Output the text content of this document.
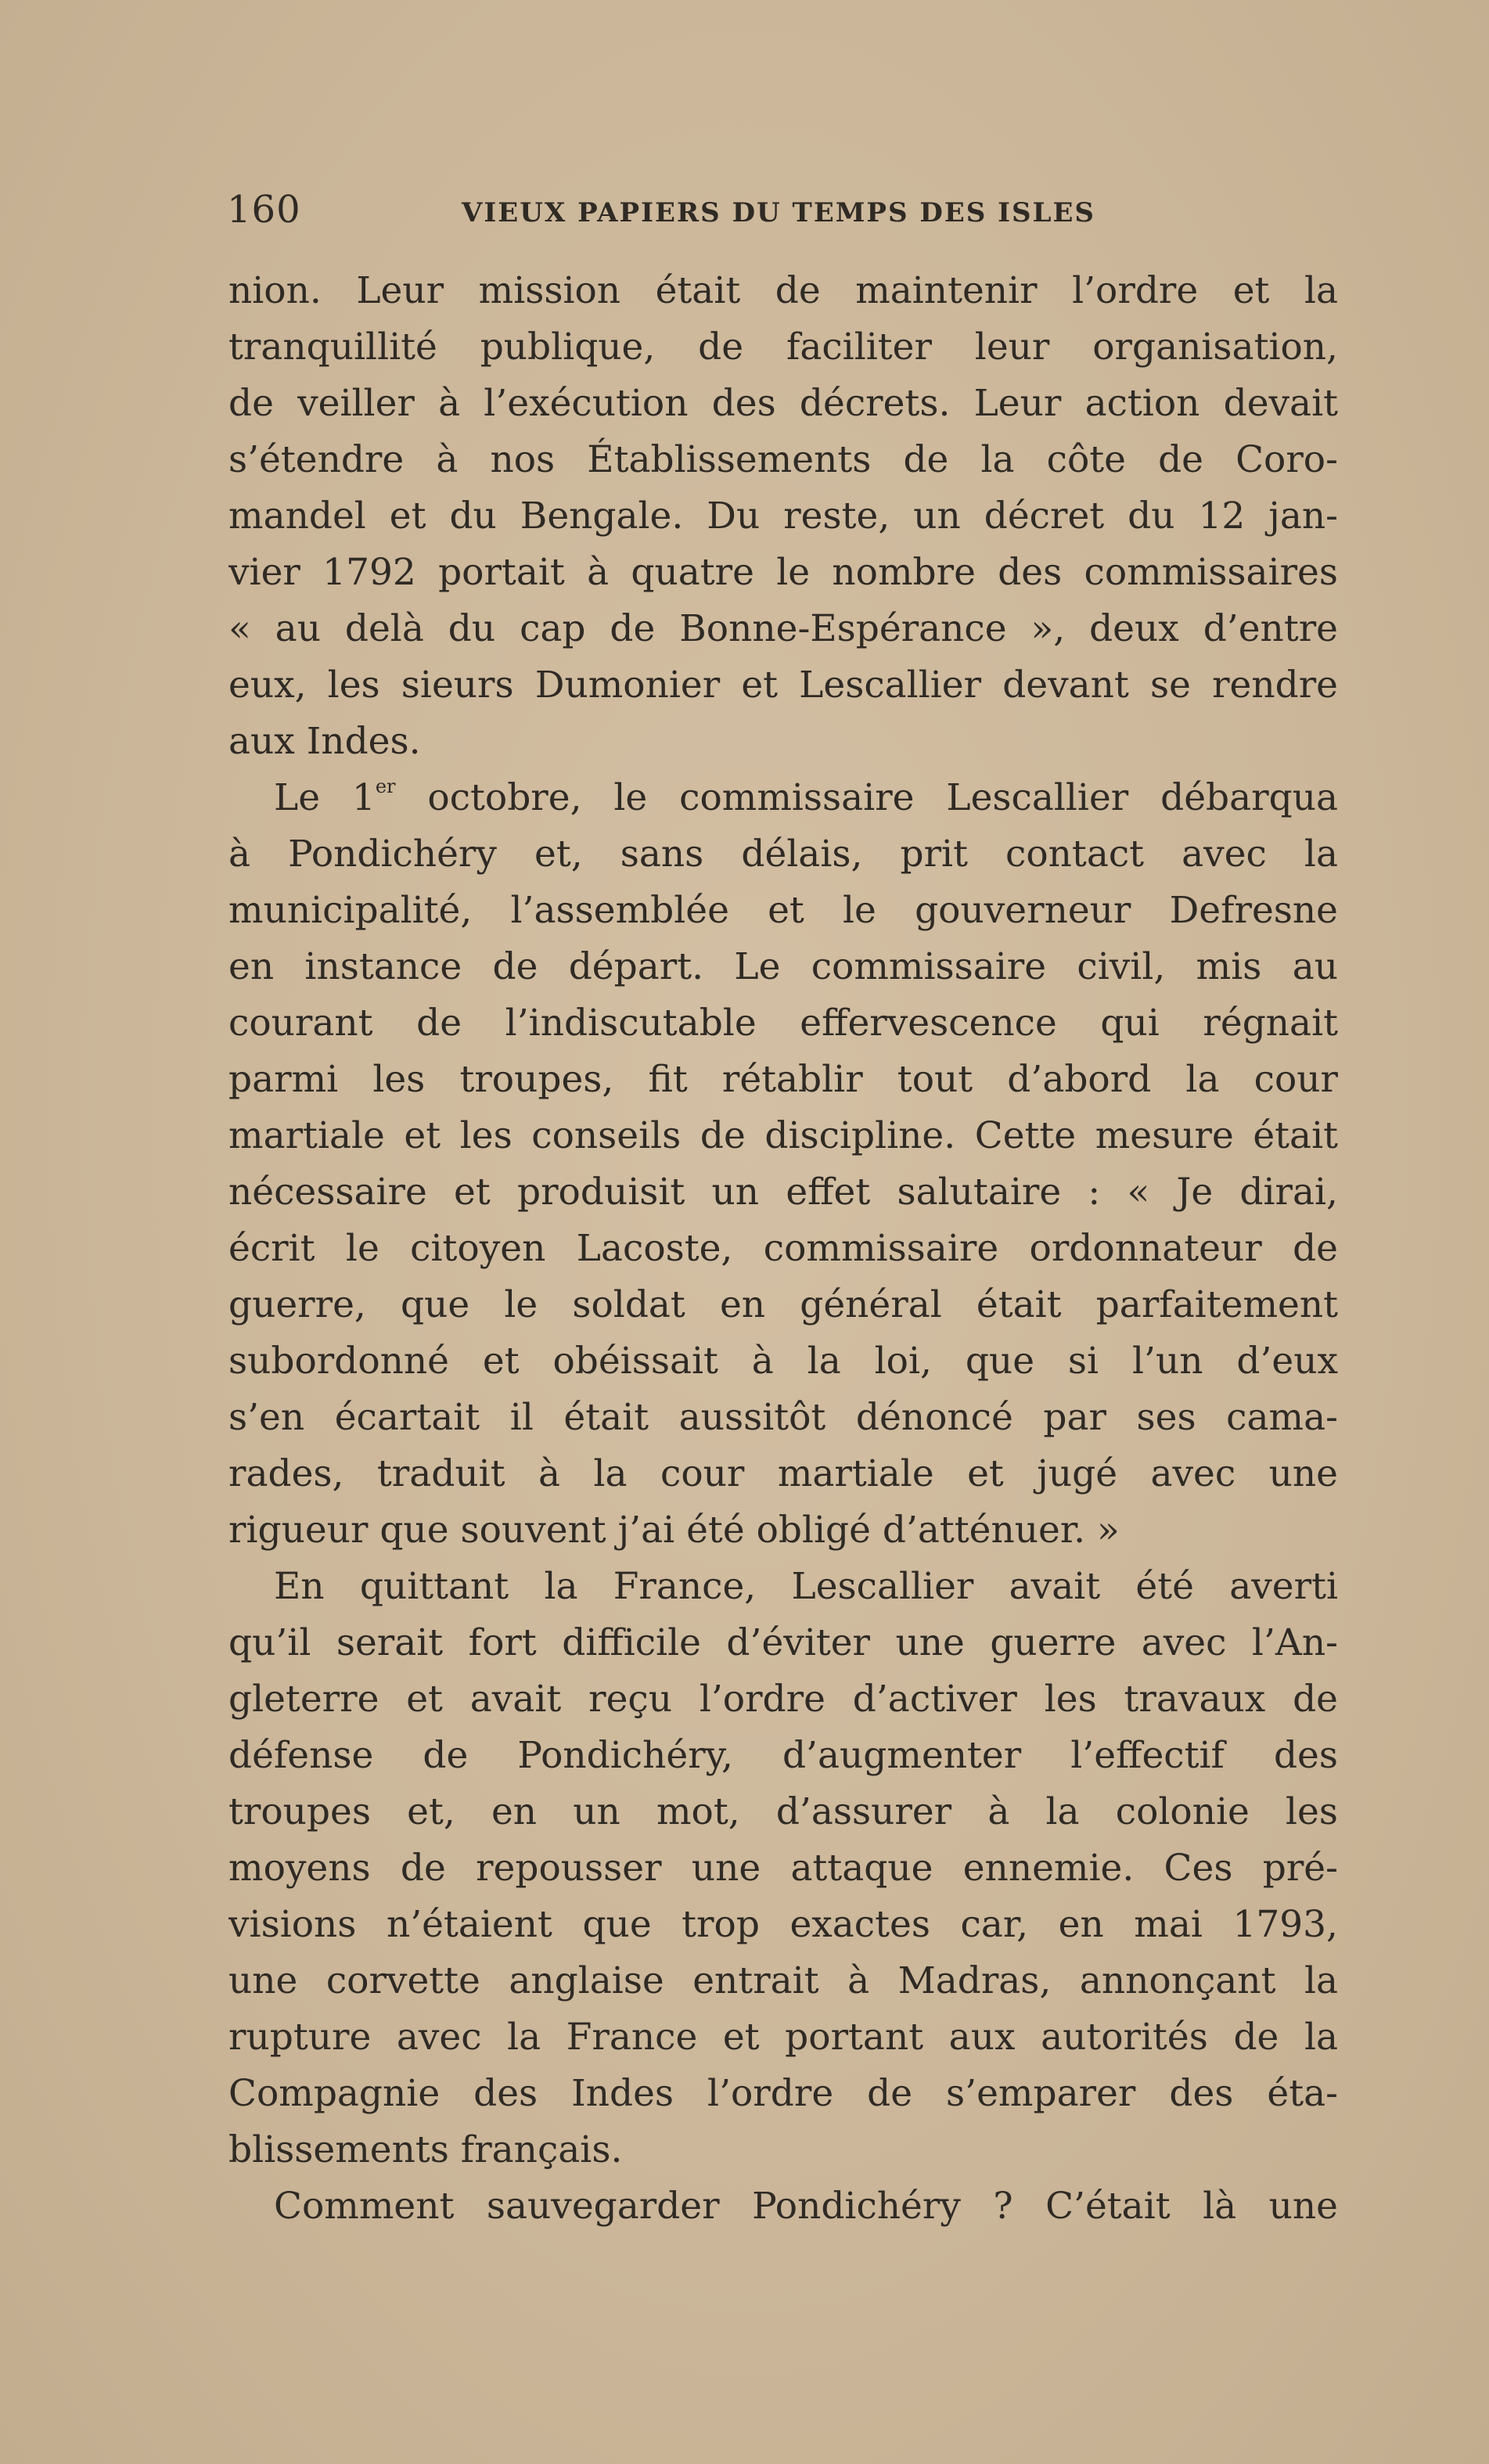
160	VIEUX PAPIERS DU TEMPS DES ISLES
nion. Leur mission était de maintenir l’ordre et la
tranquillité publique, de faciliter leur organisation,
de veiller à l’exécution des décrets. Leur action devait
s’étendre à nos Établissements de la côte de Coro-
mandel et du Bengale. Du reste, un décret du 12 jan-
vier 1792 portait à quatre le nombre des commissaires
« au delà du cap de Bonne-Espérance », deux d’entre
eux, les sieurs Dumonier et Lescallier devant se rendre
aux Indes.
Le 1er octobre, le commissaire Lescallier débarqua
à Pondichéry et, sans délais, prit contact avec la
municipalité, l’assemblée et le gouverneur Defresne
en instance de départ. Le commissaire civil, mis au
courant de l’indiscutable effervescence qui régnait
parmi les troupes, fit rétablir tout d’abord la cour
martiale et les conseils de discipline. Cette mesure était
nécessaire et produisit un effet salutaire : « Je dirai,
écrit le citoyen Lacoste, commissaire ordonnateur de
guerre, que le soldat en général était parfaitement
subordonné et obéissait à la loi, que si l’un d’eux
s’en écartait il était aussitôt dénoncé par ses cama-
rades, traduit à la cour martiale et jugé avec une
rigueur que souvent j’ai été obligé d’atténuer. »
En quittant la France, Lescallier avait été averti
qu’il serait fort difficile d’éviter une guerre avec l’An-
gleterre et avait reçu l’ordre d’activer les travaux de
défense de Pondichéry, d’augmenter l’effectif des
troupes et, en un mot, d’assurer à la colonie les
moyens de repousser une attaque ennemie. Ces pré-
visions n’étaient que trop exactes car, en mai 1793,
une corvette anglaise entrait à Madras, annonçant la
rupture avec la France et portant aux autorités de la
Compagnie des Indes l’ordre de s’emparer des éta-
blissements français.
Comment sauvegarder Pondichéry ? C’était là une
